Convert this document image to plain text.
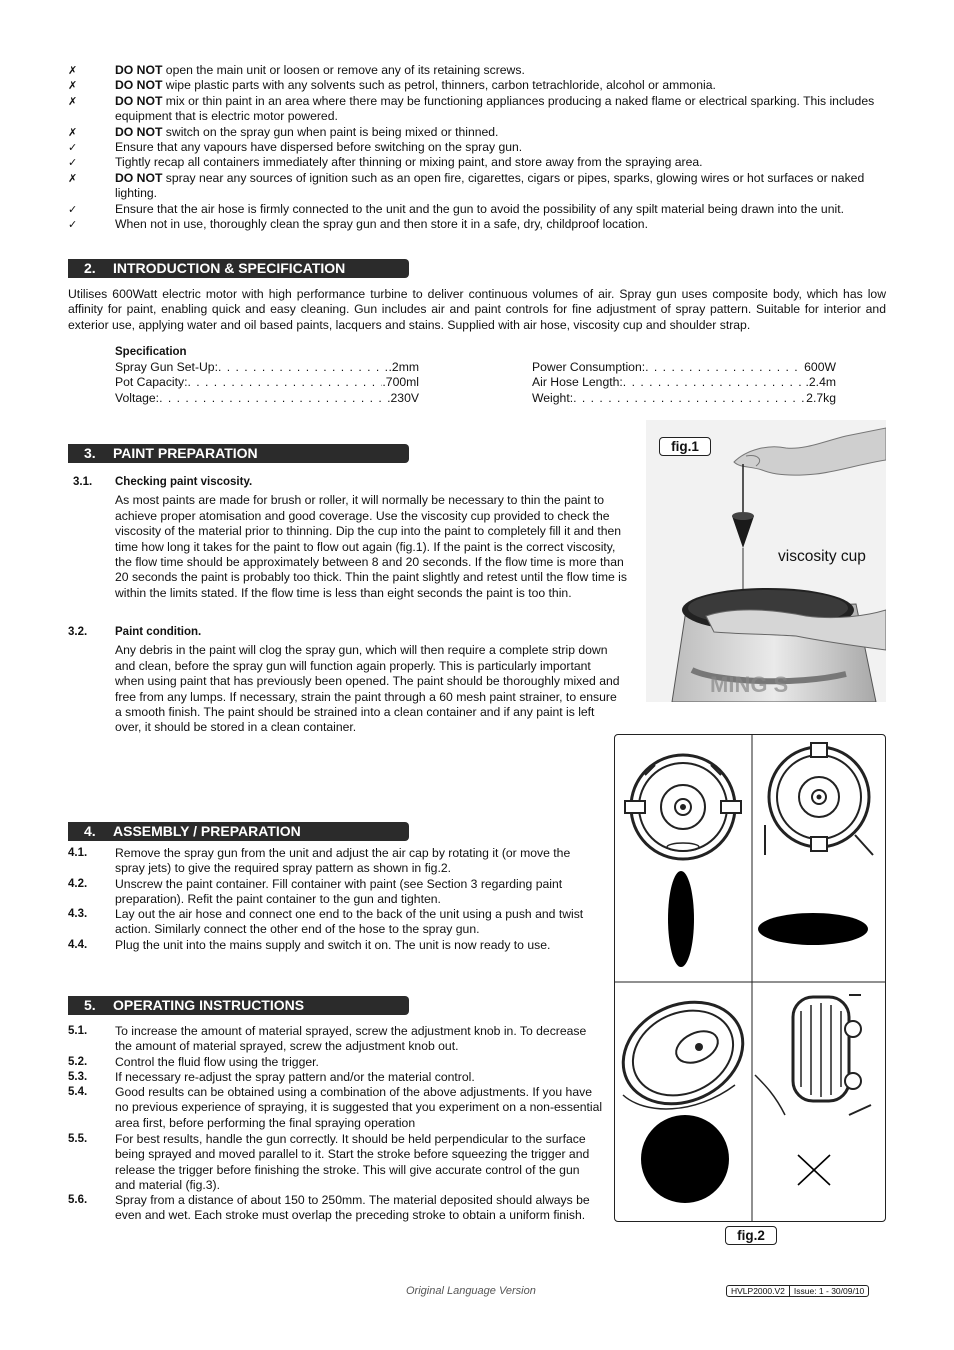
✗	DO NOT open the main unit or loosen or remove any of its retaining screws.
✗	DO NOT wipe plastic parts with any solvents such as petrol, thinners, carbon tetrachloride, alcohol or ammonia.
✗	DO NOT mix or thin paint in an area where there may be functioning appliances producing a naked flame or electrical sparking. This includes equipment that is electric motor powered.
✗	DO NOT switch on the spray gun when paint is being mixed or thinned.
✓	Ensure that any vapours have dispersed before switching on the spray gun.
✓	Tightly recap all containers immediately after thinning or mixing paint, and store away from the spraying area.
✗	DO NOT spray near any sources of ignition such as an open fire, cigarettes, cigars or pipes, sparks, glowing wires or hot surfaces or naked lighting.
✓	Ensure that the air hose is firmly connected to the unit and the gun to avoid the possibility of any spilt material being drawn into the unit.
✓	When not in use, thoroughly clean the spray gun and then store it in a safe, dry, childproof location.
2. INTRODUCTION & SPECIFICATION
Utilises 600Watt electric motor with high performance turbine to deliver continuous volumes of air. Spray gun uses composite body, which has low affinity for paint, enabling quick and easy cleaning. Gun includes air and paint controls for fine adjustment of spray pattern. Suitable for interior and exterior use, applying water and oil based paints, lacquers and stains. Supplied with air hose, viscosity cup and shoulder strap.
Specification
Spray Gun Set-Up: . . .	.2mm
Pot Capacity: . . .	.700ml
Voltage: . . .	230V
Power Consumption: . . .	600W
Air Hose Length: . . .	.2.4m
Weight: . . .	2.7kg
3. PAINT PREPARATION
3.1.	Checking paint viscosity.
As most paints are made for brush or roller, it will normally be necessary to thin the paint to achieve proper atomisation and good coverage. Use the viscosity cup provided to check the viscosity of the material prior to thinning. Dip the cup into the paint to completely fill it and then time how long it takes for the paint to flow out again (fig.1). If the paint is the correct viscosity, the flow time should be approximately between 8 and 20 seconds. If the flow time is more than 20 seconds the paint is probably too thick. Thin the paint slightly and retest until the flow time is within the limits stated. If the flow time is less than eight seconds the paint is too thin.
3.2.	Paint condition.
Any debris in the paint will clog the spray gun, which will then require a complete strip down and clean, before the spray gun will function again properly. This is particularly important when using paint that has previously been opened. The paint should be thoroughly mixed and free from any lumps. If necessary, strain the paint through a 60 mesh paint strainer, to ensure a smooth finish. The paint should be strained into a clean container and if any paint is left over, it should be stored in a clean container.
MING S
fig.1
viscosity cup
4. ASSEMBLY / PREPARATION
4.1.	Remove the spray gun from the unit and adjust the air cap by rotating it (or move the spray jets) to give the required spray pattern as shown in fig.2.
4.2.	Unscrew the paint container. Fill container with paint (see Section 3 regarding paint preparation). Refit the paint container to the gun and tighten.
4.3.	Lay out the air hose and connect one end to the back of the unit using a push and twist action. Similarly connect the other end of the hose to the spray gun.
4.4.	Plug the unit into the mains supply and switch it on. The unit is now ready to use.
5. OPERATING INSTRUCTIONS
5.1.	To increase the amount of material sprayed, screw the adjustment knob in. To decrease the amount of material sprayed, screw the adjustment knob out.
5.2.	Control the fluid flow using the trigger.
5.3.	If necessary re-adjust the spray pattern and/or the material control.
5.4.	Good results can be obtained using a combination of the above adjustments. If you have no previous experience of spraying, it is suggested that you experiment on a non-essential area first, before performing the final spraying operation
5.5.	For best results, handle the gun correctly. It should be held perpendicular to the surface being sprayed and moved parallel to it. Start the stroke before squeezing the trigger and release the trigger before finishing the stroke. This will give accurate control of the gun and material (fig.3).
5.6.	Spray from a distance of about 150 to 250mm. The material deposited should always be even and wet. Each stroke must overlap the preceding stroke to obtain a uniform finish.
fig.2
Original Language Version	HVLP2000.V2	Issue: 1 - 30/09/10
